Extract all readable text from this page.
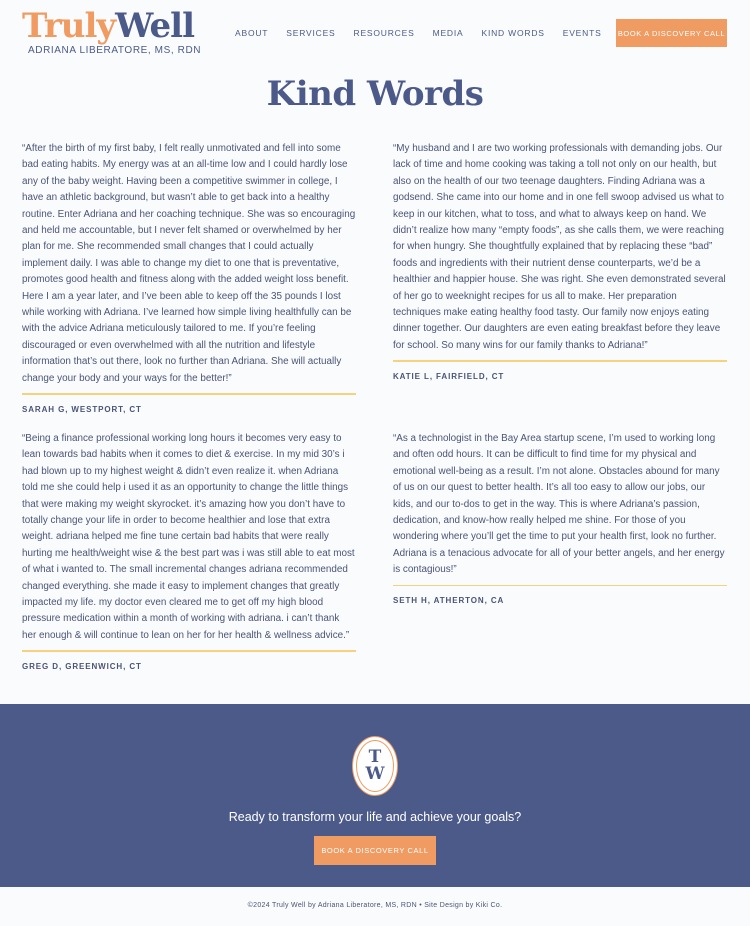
TrulyWell
ADRIANA LIBERATORE, MS, RDN
ABOUT SERVICES RESOURCES MEDIA KIND WORDS EVENTS BOOK A DISCOVERY CALL
Kind Words

“After the birth of my first baby, I felt really unmotivated and fell into some bad eating habits. My energy was at an all-time low and I could hardly lose any of the baby weight. Having been a competitive swimmer in college, I have an athletic background, but wasn’t able to get back into a healthy routine. Enter Adriana and her coaching technique. She was so encouraging and held me accountable, but I never felt shamed or overwhelmed by her plan for me. She recommended small changes that I could actually implement daily. I was able to change my diet to one that is preventative, promotes good health and fitness along with the added weight loss benefit. Here I am a year later, and I’ve been able to keep off the 35 pounds I lost while working with Adriana. I’ve learned how simple living healthfully can be with the advice Adriana meticulously tailored to me. If you’re feeling discouraged or even overwhelmed with all the nutrition and lifestyle information that’s out there, look no further than Adriana. She will actually change your body and your ways for the better!”

SARAH G, WESTPORT, CT

“My husband and I are two working professionals with demanding jobs. Our lack of time and home cooking was taking a toll not only on our health, but also on the health of our two teenage daughters. Finding Adriana was a godsend. She came into our home and in one fell swoop advised us what to keep in our kitchen, what to toss, and what to always keep on hand. We didn’t realize how many “empty foods”, as she calls them, we were reaching for when hungry. She thoughtfully explained that by replacing these “bad” foods and ingredients with their nutrient dense counterparts, we’d be a healthier and happier house. She was right. She even demonstrated several of her go to weeknight recipes for us all to make. Her preparation techniques make eating healthy food tasty. Our family now enjoys eating dinner together. Our daughters are even eating breakfast before they leave for school. So many wins for our family thanks to Adriana!”

KATIE L, FAIRFIELD, CT

“Being a finance professional working long hours it becomes very easy to lean towards bad habits when it comes to diet & exercise. In my mid 30’s i had blown up to my highest weight & didn’t even realize it. when Adriana told me she could help i used it as an opportunity to change the little things that were making my weight skyrocket. it’s amazing how you don’t have to totally change your life in order to become healthier and lose that extra weight. adriana helped me fine tune certain bad habits that were really hurting me health/weight wise & the best part was i was still able to eat most of what i wanted to. The small incremental changes adriana recommended changed everything. she made it easy to implement changes that greatly impacted my life. my doctor even cleared me to get off my high blood pressure medication within a month of working with adriana. i can’t thank her enough & will continue to lean on her for her health & wellness advice.”

GREG D, GREENWICH, CT

“As a technologist in the Bay Area startup scene, I’m used to working long and often odd hours. It can be difficult to find time for my physical and emotional well-being as a result. I’m not alone. Obstacles abound for many of us on our quest to better health. It’s all too easy to allow our jobs, our kids, and our to-dos to get in the way. This is where Adriana’s passion, dedication, and know-how really helped me shine. For those of you wondering where you’ll get the time to put your health first, look no further. Adriana is a tenacious advocate for all of your better angels, and her energy is contagious!”

SETH H, ATHERTON, CA
T
W
Ready to transform your life and achieve your goals?
BOOK A DISCOVERY CALL
©2024 Truly Well by Adriana Liberatore, MS, RDN • Site Design by Kiki Co.
